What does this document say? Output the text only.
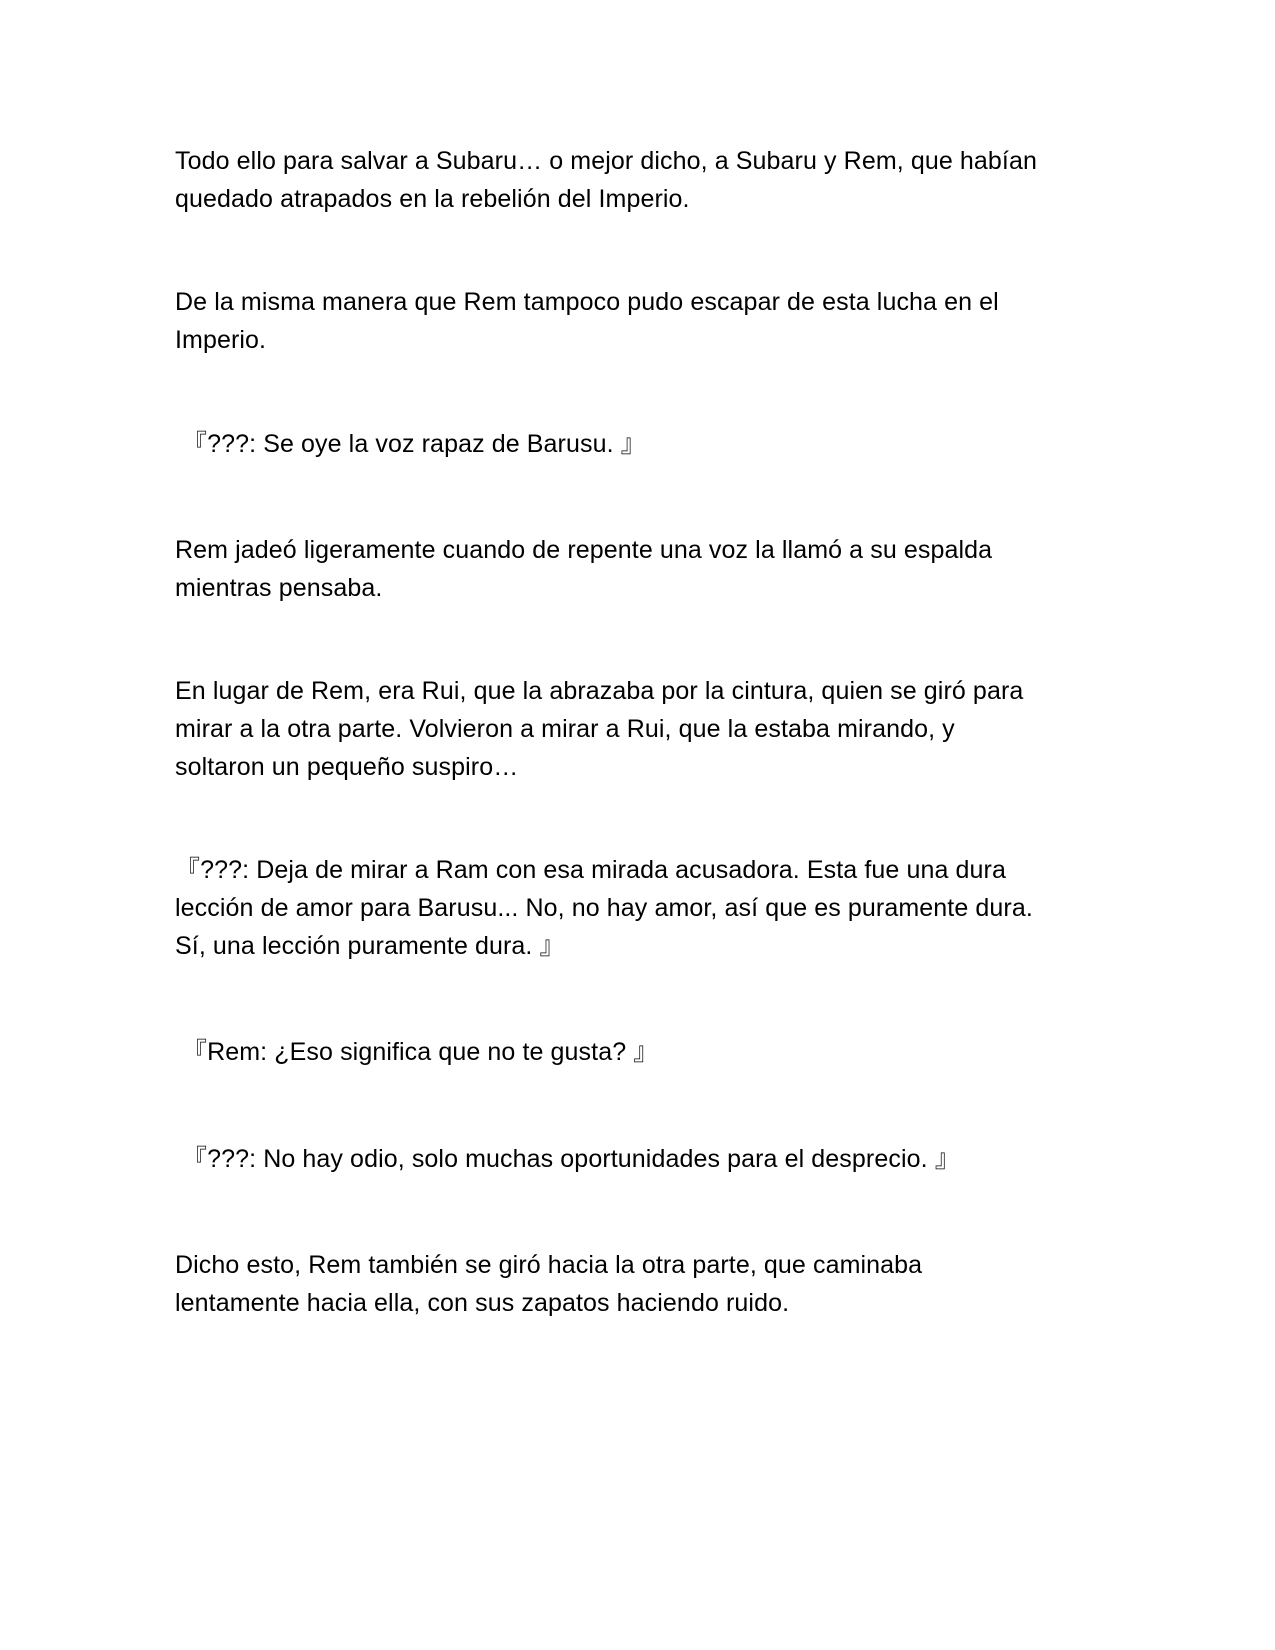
Todo ello para salvar a Subaru… o mejor dicho, a Subaru y Rem, que habían
quedado atrapados en la rebelión del Imperio.

De la misma manera que Rem tampoco pudo escapar de esta lucha en el
Imperio.

『???: Se oye la voz rapaz de Barusu. 』

Rem jadeó ligeramente cuando de repente una voz la llamó a su espalda
mientras pensaba.

En lugar de Rem, era Rui, que la abrazaba por la cintura, quien se giró para
mirar a la otra parte. Volvieron a mirar a Rui, que la estaba mirando, y
soltaron un pequeño suspiro…

『???: Deja de mirar a Ram con esa mirada acusadora. Esta fue una dura
lección de amor para Barusu... No, no hay amor, así que es puramente dura.
Sí, una lección puramente dura. 』

『Rem: ¿Eso significa que no te gusta? 』

『???: No hay odio, solo muchas oportunidades para el desprecio. 』

Dicho esto, Rem también se giró hacia la otra parte, que caminaba
lentamente hacia ella, con sus zapatos haciendo ruido.
